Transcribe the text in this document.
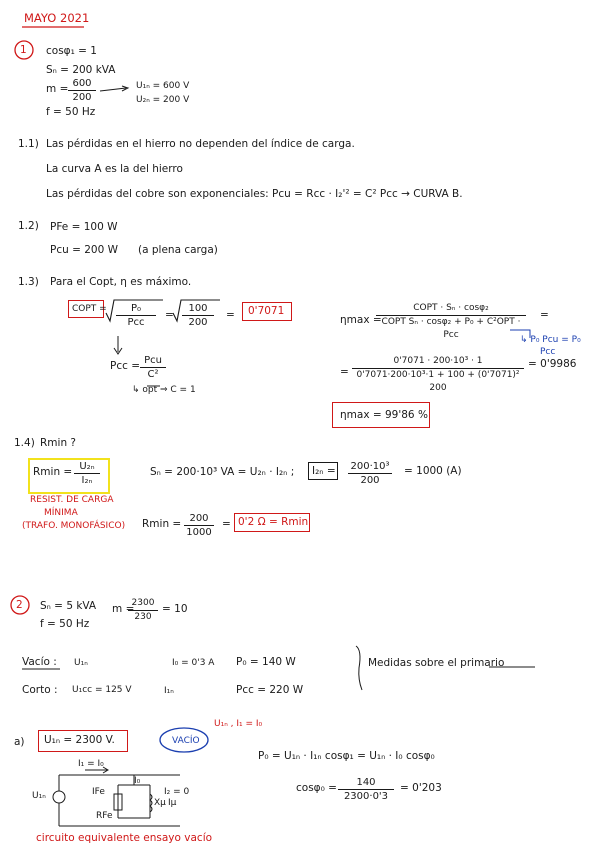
MAYO 2021
1 cosφ₁ = 1
Sₙ = 200 kVA
$m = \frac{600}{200}$
f = 50 Hz
U₁ₙ = 600 V
U₂ₙ = 200 V
1.1) Las pérdidas en el hierro no dependen del índice de carga.
La curva A es la del hierro
Las pérdidas del cobre son exponenciales: Pcu = Rcc · I₂'² = C² Pcc → CURVA B.
1.2) PFe = 100 W
Pcu = 200 W (a plena carga)
1.3) Para el Copt, η es máximo.
COPT =	P₀
Pcc
= $\frac{100}{200} = 0'7071$
Pcc = Pcu
C²
↳ opt ⇒ C = 1
ηmax =
COPT · Sₙ · cosφ₂
COPT Sₙ · cosφ₂ + P₀ + C²OPT · Pcc
=
↳ P₀ Pcu = P₀
Pcc
= $\frac{\text{0'7071 · 200·10³ · 1}}{\text{0'7071·200·10³·1 + 100 + (0'7071)² 200}} = 0'9986$
ηmax = 99'86 %
1.4) Rmin ?
$Rmin = \frac{\text{U₂ₙ}}{\text{I₂ₙ}}$
RESIST. DE CARGA
MÍNIMA
(TRAFO. MONOFÁSICO)
Sₙ = 200·10³ VA = U₂ₙ · I₂ₙ ; $I_{2n} = \frac{\text{200·10³}}{200} = 1000$ (A)
$Rmin = \frac{200}{1000} = 0'2$ Ω = Rmin
2 Sₙ = 5 kVA
f = 50 Hz
m =
$\frac{2300}{230} = 10$
Vacío : U₁ₙ	I₀ = 0'3 A P₀ = 140 W
Corto : U₁cc = 125 V	I₁ₙ	Pcc = 220 W
Medidas sobre el primario
a) U₁ₙ = 2300 V.	VACÍO
U₁ₙ , I₁ = I₀
P₀ = U₁ₙ · I₁ₙ cosφ₁ = U₁ₙ · I₀ cosφ₀
$\cos\varphi_0 = \frac{140}{2300\cdot 0'3} = 0'203$
U₁ₙ
I₁ = I₀
I₀
I₂ = 0
IFe
RFe
Xμ Iμ
circuito equivalente ensayo vacío
